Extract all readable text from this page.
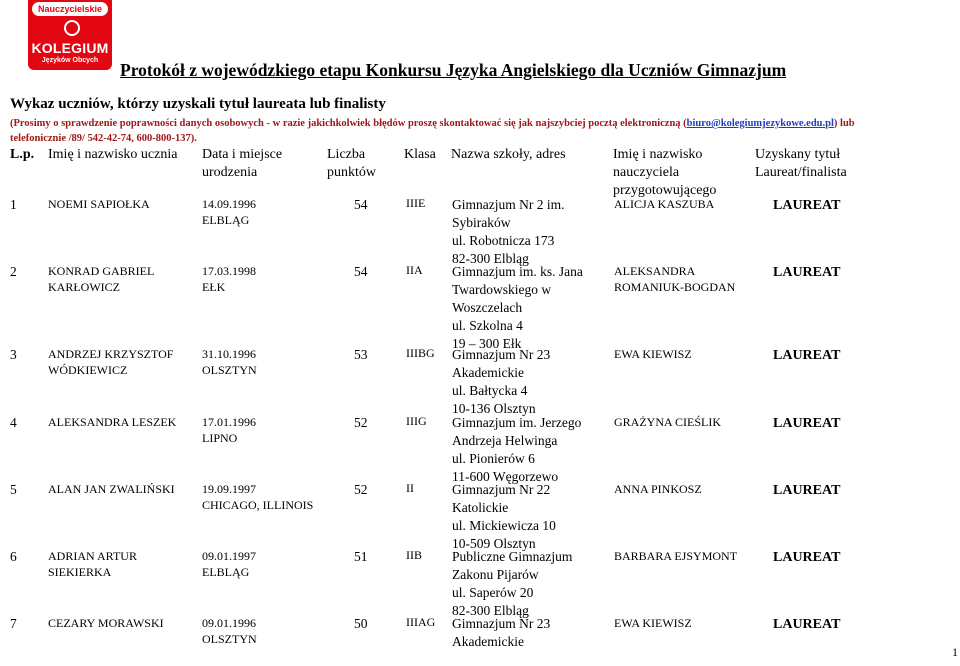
Nauczycielskie
KOLEGIUM
Języków Obcych	Protokół z wojewódzkiego etapu Konkursu Języka Angielskiego dla Uczniów Gimnazjum
Wykaz uczniów, którzy uzyskali tytuł laureata lub finalisty
(Prosimy o sprawdzenie poprawności danych osobowych - w razie jakichkolwiek błędów proszę skontaktować się jak najszybciej pocztą elektroniczną (biuro@kolegiumjezykowe.edu.pl) lub telefonicznie /89/ 542-42-74, 600-800-137).
L.p. Imię i nazwisko ucznia Data i miejsce
urodzenia
Liczba
punktów
Klasa Nazwa szkoły, adres	Imię i nazwisko
nauczyciela
przygotowującego
Uzyskany tytuł
Laureat/finalista
1	NOEMI SAPIOŁKA	14.09.1996
ELBLĄG
54	IIIE Gimnazjum Nr 2 im.
Sybiraków
ul. Robotnicza 173
82-300 Elbląg
ALICJA KASZUBA	LAUREAT
2	KONRAD GABRIEL
KARŁOWICZ
17.03.1998
EŁK
54	IIA Gimnazjum im. ks. Jana
Twardowskiego w
Woszczelach
ul. Szkolna 4
19 – 300 Ełk
ALEKSANDRA
ROMANIUK-BOGDAN
LAUREAT
3	ANDRZEJ KRZYSZTOF
WÓDKIEWICZ
31.10.1996
OLSZTYN
53	IIIBG Gimnazjum Nr 23
Akademickie
ul. Bałtycka 4
10-136 Olsztyn
EWA KIEWISZ	LAUREAT
4	ALEKSANDRA LESZEK 17.01.1996
LIPNO
52	IIIG Gimnazjum im. Jerzego
Andrzeja Helwinga
ul. Pionierów 6
11-600 Węgorzewo
GRAŻYNA CIEŚLIK	LAUREAT
5	ALAN JAN ZWALIŃSKI 19.09.1997
CHICAGO, ILLINOIS
52	II	Gimnazjum Nr 22
Katolickie
ul. Mickiewicza 10
10-509 Olsztyn
ANNA PINKOSZ	LAUREAT
6	ADRIAN ARTUR
SIEKIERKA
09.01.1997
ELBLĄG
51	IIB Publiczne Gimnazjum
Zakonu Pijarów
ul. Saperów 20
82-300 Elbląg
BARBARA EJSYMONT	LAUREAT
7	CEZARY MORAWSKI	09.01.1996
OLSZTYN
50	IIIAG Gimnazjum Nr 23
Akademickie
EWA KIEWISZ	LAUREAT
1
